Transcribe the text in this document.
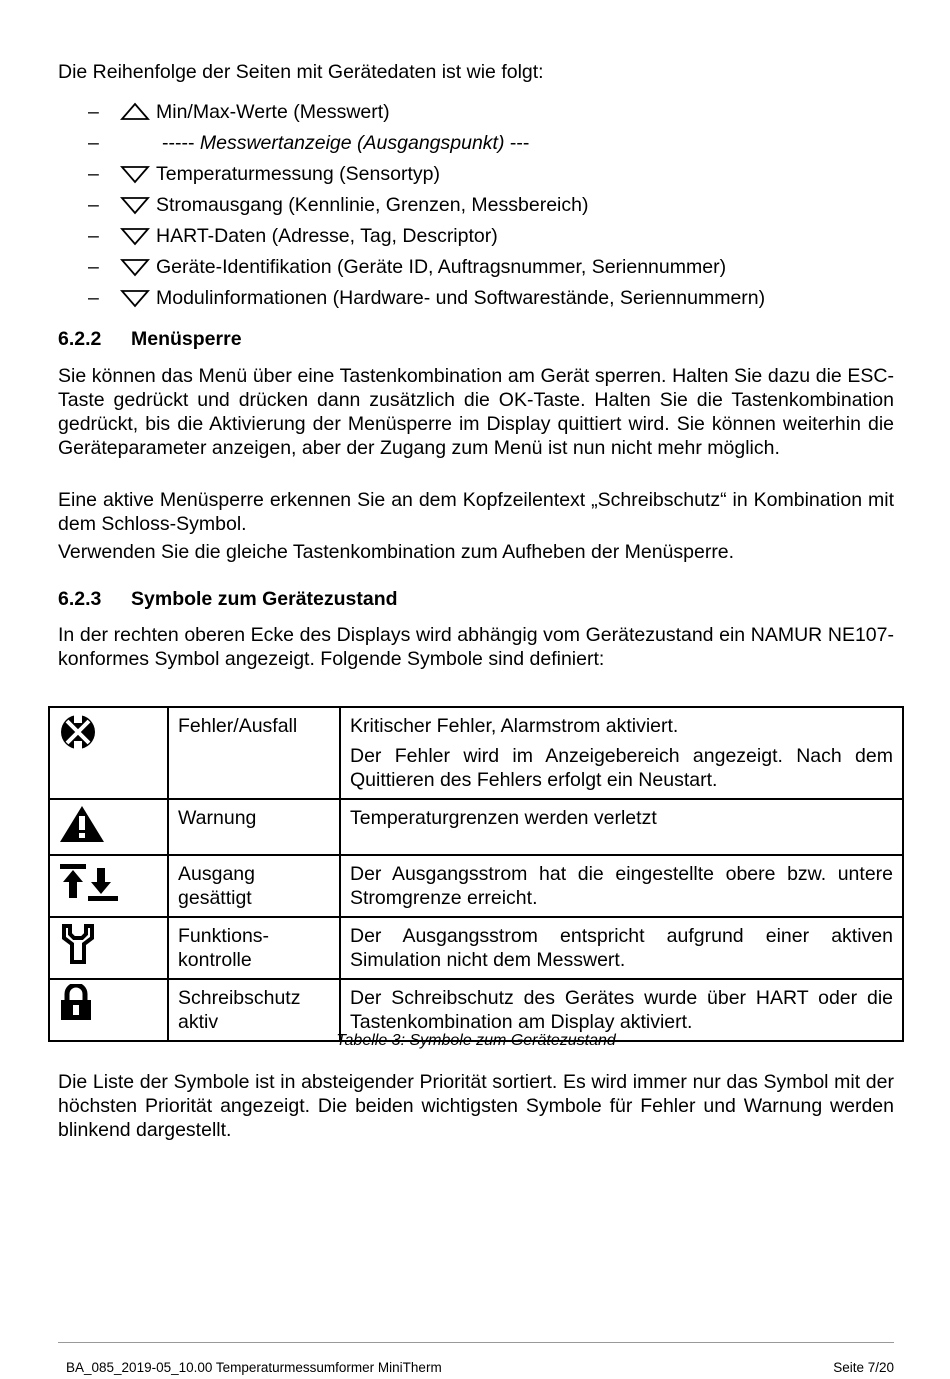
Die Reihenfolge der Seiten mit Gerätedaten ist wie folgt:

–	Min/Max-Werte (Messwert)
–	----- Messwertanzeige (Ausgangspunkt) ---
–	Temperaturmessung (Sensortyp)
–	Stromausgang (Kennlinie, Grenzen, Messbereich)
–	HART-Daten (Adresse, Tag, Descriptor)
–	Geräte-Identifikation (Geräte ID, Auftragsnummer, Seriennummer)
–	Modulinformationen (Hardware- und Softwarestände, Seriennummern)
6.2.2 Menüsperre

Sie können das Menü über eine Tastenkombination am Gerät sperren. Halten Sie dazu die ESC-Taste gedrückt und drücken dann zusätzlich die OK-Taste. Halten Sie die Tastenkombination gedrückt, bis die Aktivierung der Menüsperre im Display quittiert wird. Sie können weiterhin die Geräteparameter anzeigen, aber der Zugang zum Menü ist nun nicht mehr möglich.

Eine aktive Menüsperre erkennen Sie an dem Kopfzeilentext „Schreibschutz“ in Kombination mit dem Schloss-Symbol.

Verwenden Sie die gleiche Tastenkombination zum Aufheben der Menüsperre.

6.2.3 Symbole zum Gerätezustand

In der rechten oberen Ecke des Displays wird abhängig vom Gerätezustand ein NAMUR NE107-konformes Symbol angezeigt. Folgende Symbole sind definiert:

	Fehler/Ausfall	Kritischer Fehler, Alarmstrom aktiviert.

Der Fehler wird im Anzeigebereich angezeigt. Nach dem Quittieren des Fehlers erfolgt ein Neustart.

	Warnung	Temperaturgrenzen werden verletzt

	Ausgang gesättigt	Der Ausgangsstrom hat die eingestellte obere bzw. untere Stromgrenze erreicht.

	Funktions-kontrolle	Der Ausgangsstrom entspricht aufgrund einer aktiven Simulation nicht dem Messwert.

	Schreibschutz aktiv	Der Schreibschutz des Gerätes wurde über HART oder die Tastenkombination am Display aktiviert.

Tabelle 3: Symbole zum Gerätezustand

Die Liste der Symbole ist in absteigender Priorität sortiert. Es wird immer nur das Symbol mit der höchsten Priorität angezeigt. Die beiden wichtigsten Symbole für Fehler und Warnung werden blinkend dargestellt.

BA_085_2019-05_10.00 Temperaturmessumformer MiniTherm	Seite 7/20
